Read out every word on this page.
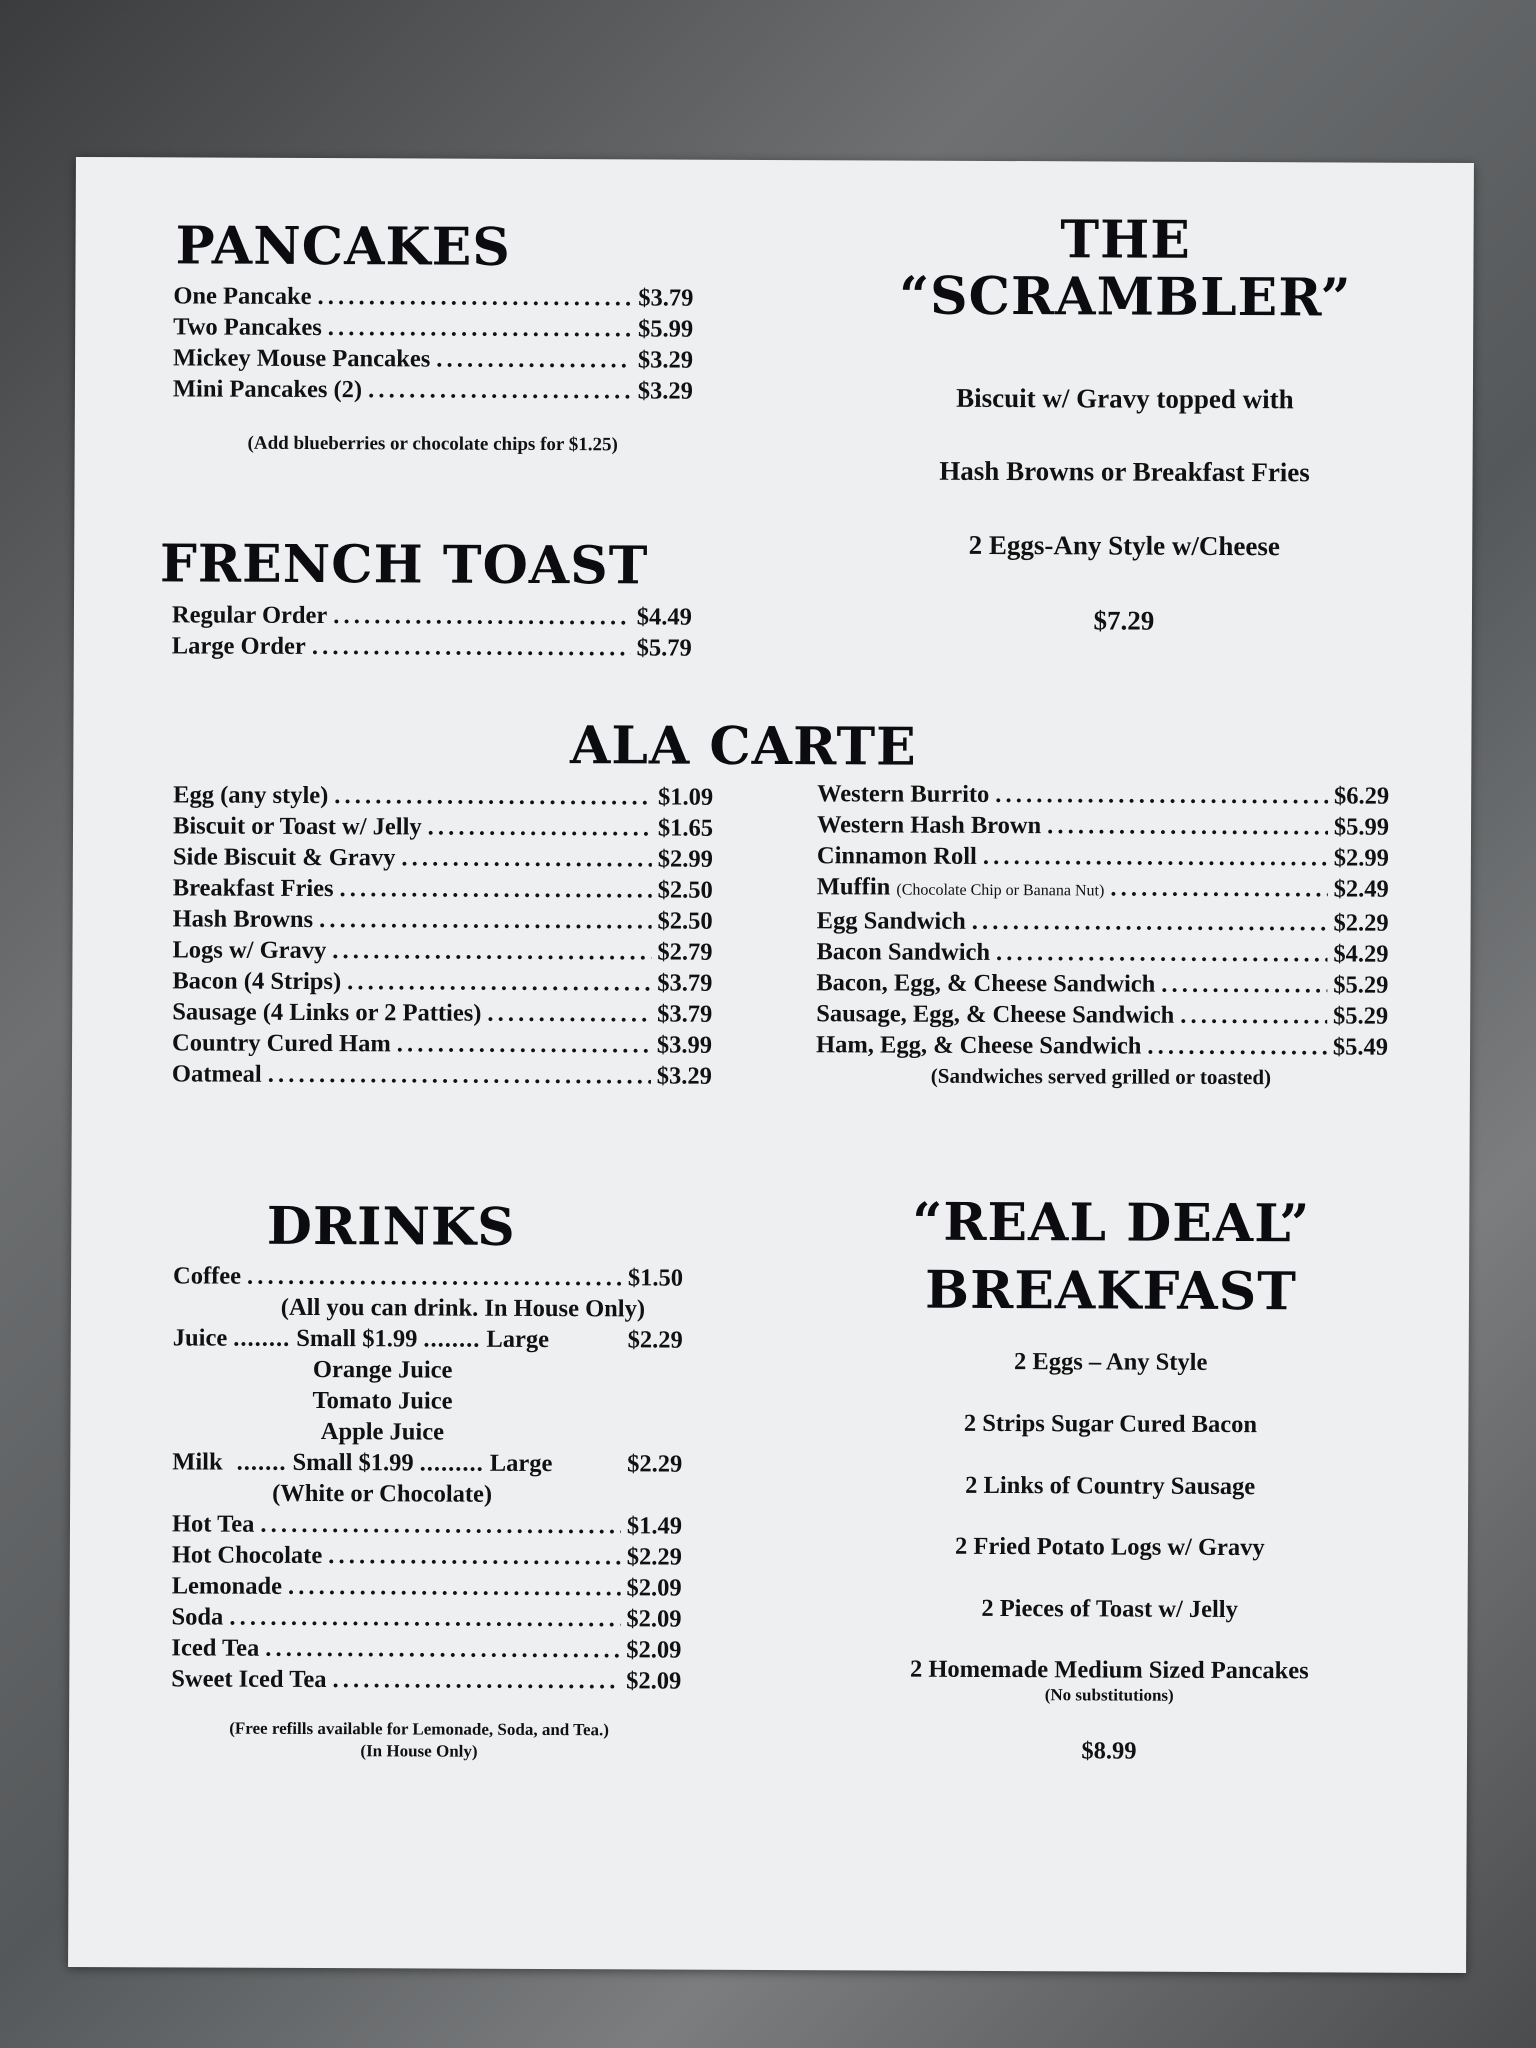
PANCAKES
One Pancake . . .	$3.79
Two Pancakes . . .	$5.99
Mickey Mouse Pancakes . . .	$3.29
Mini Pancakes (2) . . .	$3.29
(Add blueberries or chocolate chips for $1.25)
FRENCH TOAST
Regular Order . . .	$4.49
Large Order . . .	$5.79
THE
“SCRAMBLER”
Biscuit w/ Gravy topped with
Hash Browns or Breakfast Fries
2 Eggs-Any Style w/Cheese
$7.29
ALA CARTE
Egg (any style) . . .	$1.09
Biscuit or Toast w/ Jelly . . .	$1.65
Side Biscuit & Gravy . . .	$2.99
Breakfast Fries . . .	$2.50
Hash Browns . . .	$2.50
Logs w/ Gravy . . .	$2.79
Bacon (4 Strips) . . .	$3.79
Sausage (4 Links or 2 Patties) . . .	$3.79
Country Cured Ham . . .	$3.99
Oatmeal . . .	$3.29
Western Burrito . . .	$6.29
Western Hash Brown . . .	$5.99
Cinnamon Roll . . .	$2.99
Muffin (Chocolate Chip or Banana Nut) . . .	$2.49
Egg Sandwich . . .	$2.29
Bacon Sandwich . . .	$4.29
Bacon, Egg, & Cheese Sandwich . . .	$5.29
Sausage, Egg, & Cheese Sandwich . . .	$5.29
Ham, Egg, & Cheese Sandwich . . .	$5.49
(Sandwiches served grilled or toasted)
DRINKS
Coffee . . .	$1.50
(All you can drink. In House Only)
Juice ........ Small $1.99 ........ Large	$2.29
Orange Juice
Tomato Juice
Apple Juice
Milk ....... Small $1.99 ......... Large	$2.29
(White or Chocolate)
Hot Tea . . .	$1.49
Hot Chocolate . . .	$2.29
Lemonade . . .	$2.09
Soda . . .	$2.09
Iced Tea . . .	$2.09
Sweet Iced Tea . . .	$2.09
(Free refills available for Lemonade, Soda, and Tea.)
(In House Only)
“REAL DEAL”
BREAKFAST
2 Eggs – Any Style
2 Strips Sugar Cured Bacon
2 Links of Country Sausage
2 Fried Potato Logs w/ Gravy
2 Pieces of Toast w/ Jelly
2 Homemade Medium Sized Pancakes
(No substitutions)
$8.99
